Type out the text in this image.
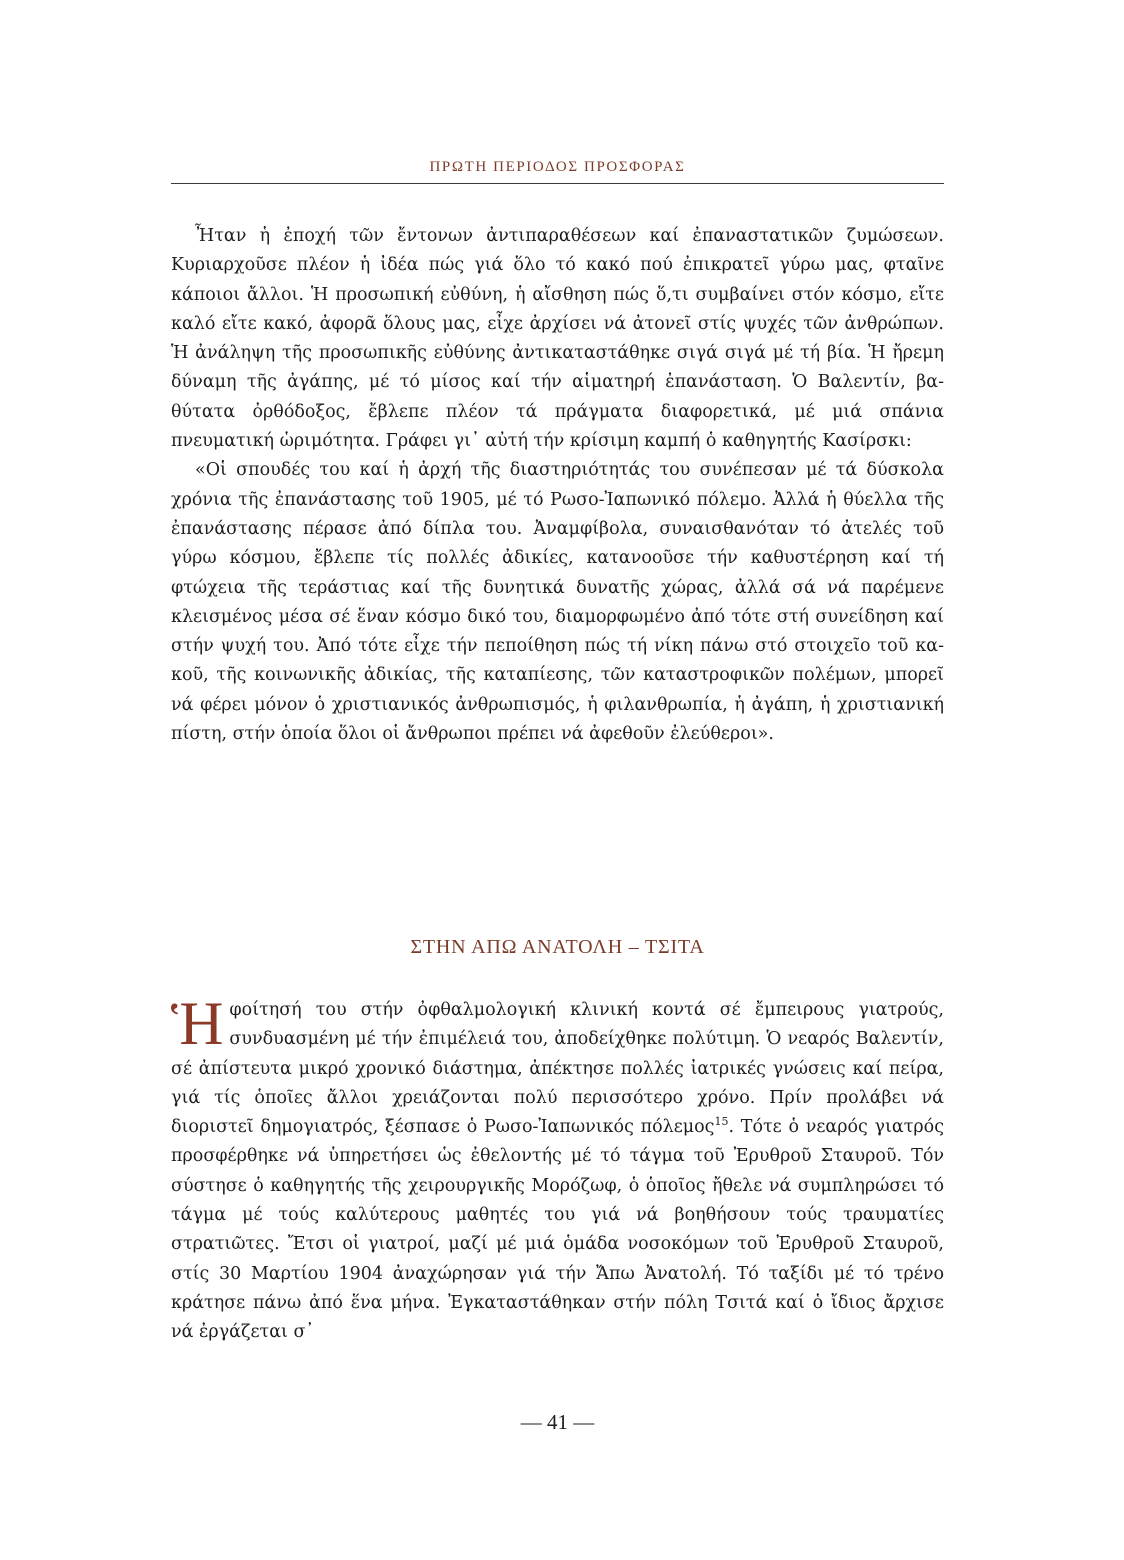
ΠΡΩΤΗ ΠΕΡΙΟΔΟΣ ΠΡΟΣΦΟΡΑΣ

Ἦταν ἡ ἐποχή τῶν ἔντονων ἀντιπαραθέσεων καί ἐπαναστατικῶν ζυμώσεων. Κυριαρχοῦσε πλέον ἡ ἰδέα πώς γιά ὅλο τό κακό πού ἐπικρατεῖ γύρω μας, φταῖνε κάποιοι ἄλλοι. Ἡ προσωπική εὐθύνη, ἡ αἴσθηση πώς ὅ,τι συμβαίνει στόν κόσμο, εἴτε καλό εἴτε κακό, ἀφορᾶ ὅλους μας, εἶχε ἀρχίσει νά ἀτονεῖ στίς ψυχές τῶν ἀνθρώπων. Ἡ ἀνάληψη τῆς προσωπικῆς εὐθύνης ἀντικαταστάθηκε σιγά σιγά μέ τή βία. Ἡ ἤρεμη δύναμη τῆς ἀγάπης, μέ τό μίσος καί τήν αἱματηρή ἐπανάσταση. Ὁ Βαλεντίν, βαθύτατα ὀρθόδοξος, ἔβλεπε πλέον τά πράγματα διαφορετικά, μέ μιά σπάνια πνευματική ὡριμότητα. Γράφει γι᾽ αὐτή τήν κρίσιμη καμπή ὁ καθηγητής Κασίρσκι:

«Οἱ σπουδές του καί ἡ ἀρχή τῆς διαστηριότητάς του συνέπεσαν μέ τά δύσκολα χρόνια τῆς ἐπανάστασης τοῦ 1905, μέ τό Ρωσο-Ἰαπωνικό πόλεμο. Ἀλλά ἡ θύελλα τῆς ἐπανάστασης πέρασε ἀπό δίπλα του. Ἀναμφίβολα, συναισθανόταν τό ἀτελές τοῦ γύρω κόσμου, ἔβλεπε τίς πολλές ἀδικίες, κατανοοῦσε τήν καθυστέρηση καί τή φτώχεια τῆς τεράστιας καί τῆς δυνητικά δυνατῆς χώρας, ἀλλά σά νά παρέμενε κλεισμένος μέσα σέ ἕναν κόσμο δικό του, διαμορφωμένο ἀπό τότε στή συνείδηση καί στήν ψυχή του. Ἀπό τότε εἶχε τήν πεποίθηση πώς τή νίκη πάνω στό στοιχεῖο τοῦ κακοῦ, τῆς κοινωνικῆς ἀδικίας, τῆς καταπίεσης, τῶν καταστροφικῶν πολέμων, μπορεῖ νά φέρει μόνον ὁ χριστιανικός ἀνθρωπισμός, ἡ φιλανθρωπία, ἡ ἀγάπη, ἡ χριστιανική πίστη, στήν ὁποία ὅλοι οἱ ἄνθρωποι πρέπει νά ἀφεθοῦν ἐλεύθεροι».

ΣΤΗΝ ΑΠΩ ΑΝΑΤΟΛΗ – ΤΣΙΤΑ

Ἡφοίτησή του στήν ὀφθαλμολογική κλινική κοντά σέ ἔμπειρους γιατρούς, συνδυασμένη μέ τήν ἐπιμέλειά του, ἀποδείχθηκε πολύτιμη. Ὁ νεαρός Βαλεντίν, σέ ἀπίστευτα μικρό χρονικό διάστημα, ἀπέκτησε πολλές ἰατρικές γνώσεις καί πείρα, γιά τίς ὁποῖες ἄλλοι χρειάζονται πολύ περισσότερο χρόνο. Πρίν προλάβει νά διοριστεῖ δημογιατρός, ξέσπασε ὁ Ρωσο-Ἰαπωνικός πόλεμος$^{15}$. Τότε ὁ νεαρός γιατρός προσφέρθηκε νά ὑπηρετήσει ὡς ἐθελοντής μέ τό τάγμα τοῦ Ἐρυθροῦ Σταυροῦ. Τόν σύστησε ὁ καθηγητής τῆς χειρουργικῆς Μορόζωφ, ὁ ὁποῖος ἤθελε νά συμπληρώσει τό τάγμα μέ τούς καλύτερους μαθητές του γιά νά βοηθήσουν τούς τραυματίες στρατιῶτες. Ἔτσι οἱ γιατροί, μαζί μέ μιά ὁμάδα νοσοκόμων τοῦ Ἐρυθροῦ Σταυροῦ, στίς 30 Μαρτίου 1904 ἀναχώρησαν γιά τήν Ἄπω Ἀνατολή. Τό ταξίδι μέ τό τρένο κράτησε πάνω ἀπό ἕνα μήνα. Ἐγκαταστάθηκαν στήν πόλη Τσιτά καί ὁ ἴδιος ἄρχισε νά ἐργάζεται σ᾽

— 41 —
